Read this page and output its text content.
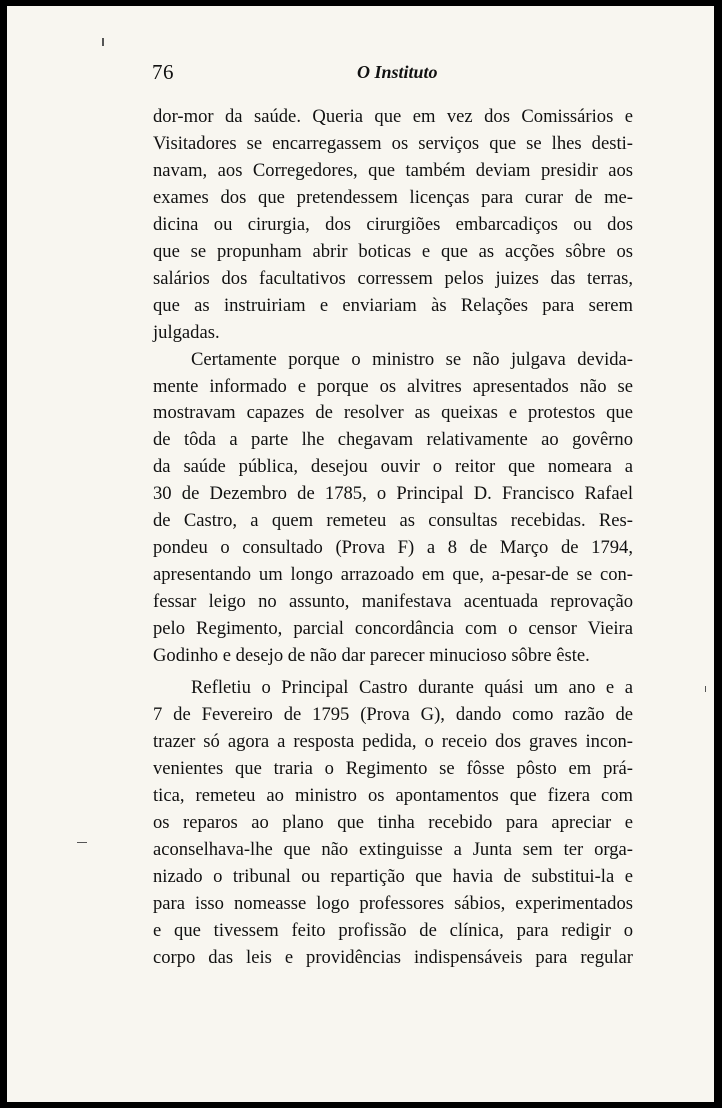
76	O Instituto

dor-mor da saúde. Queria que em vez dos Comissários e
Visitadores se encarregassem os serviços que se lhes desti-
navam, aos Corregedores, que também deviam presidir aos
exames dos que pretendessem licenças para curar de me-
dicina ou cirurgia, dos cirurgiões embarcadiços ou dos
que se propunham abrir boticas e que as acções sôbre os
salários dos facultativos corressem pelos juizes das terras,
que as instruiriam e enviariam às Relações para serem
julgadas.

Certamente porque o ministro se não julgava devida-
mente informado e porque os alvitres apresentados não se
mostravam capazes de resolver as queixas e protestos que
de tôda a parte lhe chegavam relativamente ao govêrno
da saúde pública, desejou ouvir o reitor que nomeara a
30 de Dezembro de 1785, o Principal D. Francisco Rafael
de Castro, a quem remeteu as consultas recebidas. Res-
pondeu o consultado (Prova F) a 8 de Março de 1794,
apresentando um longo arrazoado em que, a-pesar-de se con-
fessar leigo no assunto, manifestava acentuada reprovação
pelo Regimento, parcial concordância com o censor Vieira
Godinho e desejo de não dar parecer minucioso sôbre êste.

Refletiu o Principal Castro durante quási um ano e a
7 de Fevereiro de 1795 (Prova G), dando como razão de
trazer só agora a resposta pedida, o receio dos graves incon-
venientes que traria o Regimento se fôsse pôsto em prá-
tica, remeteu ao ministro os apontamentos que fizera com
os reparos ao plano que tinha recebido para apreciar e
aconselhava-lhe que não extinguisse a Junta sem ter orga-
nizado o tribunal ou repartição que havia de substitui-la e
para isso nomeasse logo professores sábios, experimentados
e que tivessem feito profissão de clínica, para redigir o
corpo das leis e providências indispensáveis para regular
